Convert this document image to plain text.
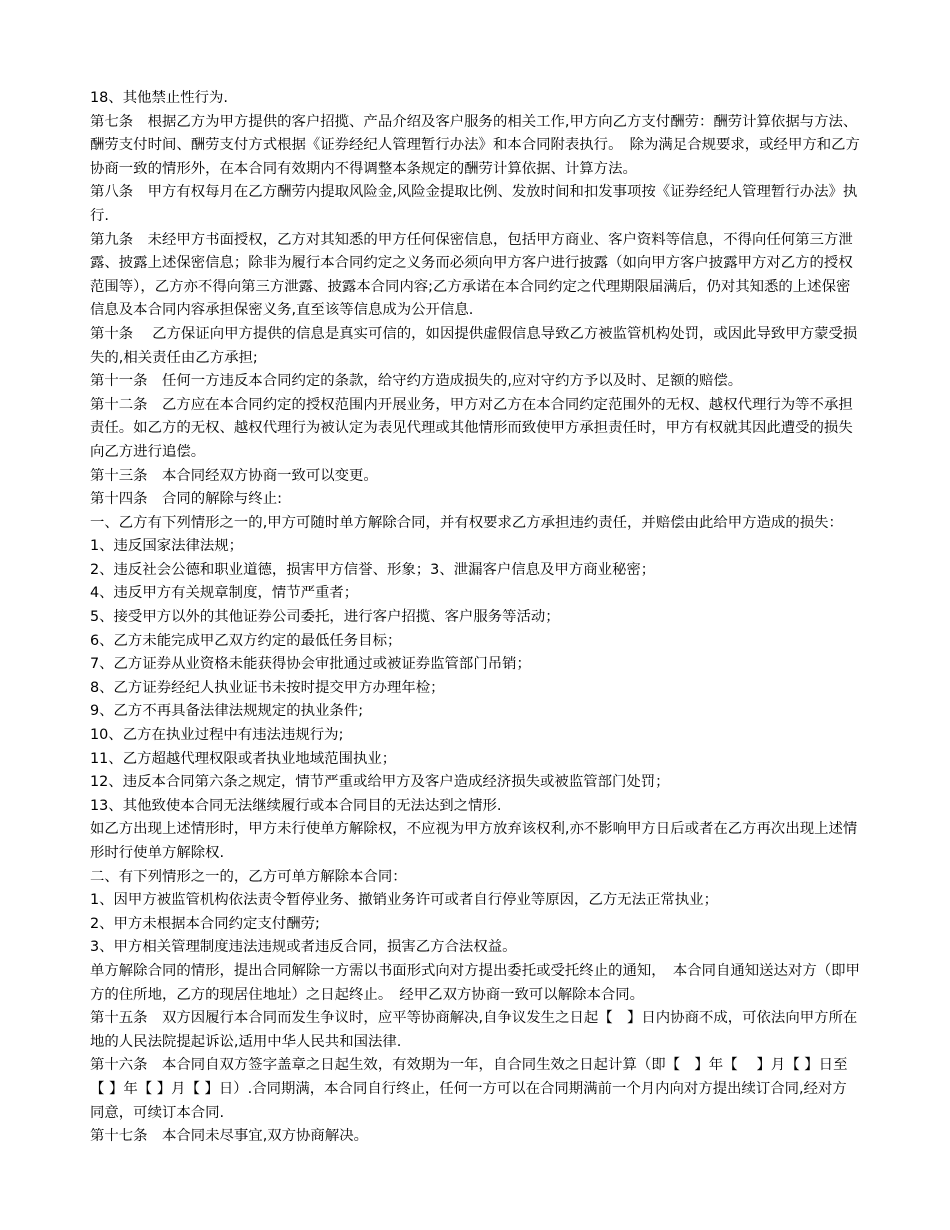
18、其他禁止性行为.

第七条　根据乙方为甲方提供的客户招揽、产品介绍及客户服务的相关工作,甲方向乙方支付酬劳：酬劳计算依据与方法、酬劳支付时间、酬劳支付方式根据《证券经纪人管理暂行办法》和本合同附表执行。　除为满足合规要求，或经甲方和乙方协商一致的情形外，在本合同有效期内不得调整本条规定的酬劳计算依据、计算方法。

第八条　甲方有权每月在乙方酬劳内提取风险金,风险金提取比例、发放时间和扣发事项按《证券经纪人管理暂行办法》执行.

第九条　未经甲方书面授权，乙方对其知悉的甲方任何保密信息，包括甲方商业、客户资料等信息，不得向任何第三方泄露、披露上述保密信息；除非为履行本合同约定之义务而必须向甲方客户进行披露（如向甲方客户披露甲方对乙方的授权范围等），乙方亦不得向第三方泄露、披露本合同内容;乙方承诺在本合同约定之代理期限届满后，仍对其知悉的上述保密信息及本合同内容承担保密义务,直至该等信息成为公开信息.

第十条　 乙方保证向甲方提供的信息是真实可信的，如因提供虚假信息导致乙方被监管机构处罚，或因此导致甲方蒙受损失的,相关责任由乙方承担;

第十一条　任何一方违反本合同约定的条款，给守约方造成损失的,应对守约方予以及时、足额的赔偿。

第十二条　乙方应在本合同约定的授权范围内开展业务，甲方对乙方在本合同约定范围外的无权、越权代理行为等不承担责任。如乙方的无权、越权代理行为被认定为表见代理或其他情形而致使甲方承担责任时，甲方有权就其因此遭受的损失向乙方进行追偿。

第十三条　本合同经双方协商一致可以变更。

第十四条　合同的解除与终止:

一、乙方有下列情形之一的,甲方可随时单方解除合同，并有权要求乙方承担违约责任，并赔偿由此给甲方造成的损失：

1、违反国家法律法规；

2、违反社会公德和职业道德，损害甲方信誉、形象；3、泄漏客户信息及甲方商业秘密；

4、违反甲方有关规章制度，情节严重者；

5、接受甲方以外的其他证券公司委托，进行客户招揽、客户服务等活动；

6、乙方未能完成甲乙双方约定的最低任务目标；

7、乙方证券从业资格未能获得协会审批通过或被证券监管部门吊销；

8、乙方证券经纪人执业证书未按时提交甲方办理年检；

9、乙方不再具备法律法规规定的执业条件;

10、乙方在执业过程中有违法违规行为;

11、乙方超越代理权限或者执业地域范围执业；

12、违反本合同第六条之规定，情节严重或给甲方及客户造成经济损失或被监管部门处罚；

13、其他致使本合同无法继续履行或本合同目的无法达到之情形.

如乙方出现上述情形时，甲方未行使单方解除权，不应视为甲方放弃该权利,亦不影响甲方日后或者在乙方再次出现上述情形时行使单方解除权.

二、有下列情形之一的，乙方可单方解除本合同：

1、因甲方被监管机构依法责令暂停业务、撤销业务许可或者自行停业等原因，乙方无法正常执业；

2、甲方未根据本合同约定支付酬劳;

3、甲方相关管理制度违法违规或者违反合同，损害乙方合法权益。

单方解除合同的情形，提出合同解除一方需以书面形式向对方提出委托或受托终止的通知，　本合同自通知送达对方（即甲方的住所地，乙方的现居住地址）之日起终止。　经甲乙双方协商一致可以解除本合同。

第十五条　双方因履行本合同而发生争议时，应平等协商解决,自争议发生之日起【　】日内协商不成，可依法向甲方所在地的人民法院提起诉讼,适用中华人民共和国法律.

第十六条　本合同自双方签字盖章之日起生效，有效期为一年，自合同生效之日起计算（即【　】年【　 】月【 】日至【 】年【 】月【 】日）.合同期满，本合同自行终止，任何一方可以在合同期满前一个月内向对方提出续订合同,经对方同意，可续订本合同.

第十七条　本合同未尽事宜,双方协商解决。
